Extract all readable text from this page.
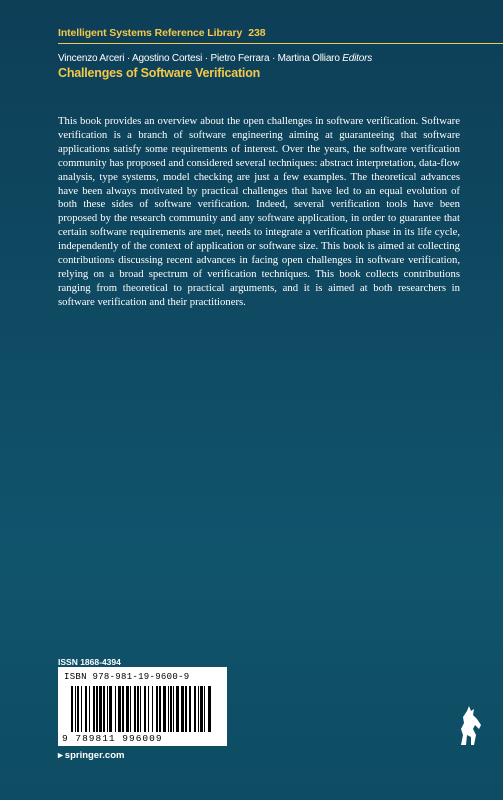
Intelligent Systems Reference Library 238
Vincenzo Arceri · Agostino Cortesi · Pietro Ferrara · Martina Olliaro Editors
Challenges of Software Verification

This book provides an overview about the open challenges in software verification. Software verification is a branch of software engineering aiming at guaranteeing that software applications satisfy some requirements of interest. Over the years, the software verification community has proposed and considered several techniques: abstract interpretation, data-flow analysis, type systems, model checking are just a few examples. The theoretical advances have been always motivated by practical challenges that have led to an equal evolution of both these sides of software verification. Indeed, several verification tools have been proposed by the research community and any software application, in order to guarantee that certain software requirements are met, needs to integrate a verification phase in its life cycle, independently of the context of application or software size. This book is aimed at collecting contributions discussing recent advances in facing open challenges in software verification, relying on a broad spectrum of verification techniques. This book collects contributions ranging from theoretical to practical arguments, and it is aimed at both researchers in software verification and their practitioners.

ISSN 1868-4394
ISBN 978-981-19-9600-9
9 789811 996009
▸ springer.com
